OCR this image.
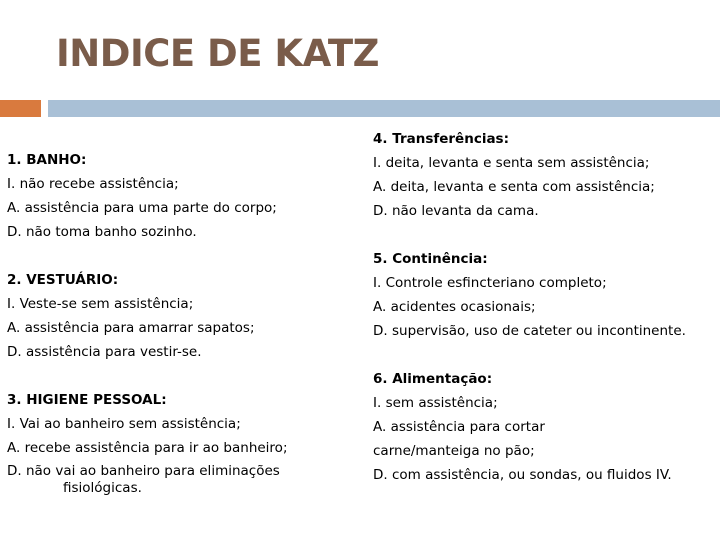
INDICE DE KATZ
1. BANHO:
I. não recebe assistência;
A. assistência para uma parte do corpo;
D. não toma banho sozinho.
2. VESTUÁRIO:
I. Veste-se sem assistência;
A. assistência para amarrar sapatos;
D. assistência para vestir-se.
3. HIGIENE PESSOAL:
I. Vai ao banheiro sem assistência;
A. recebe assistência para ir ao banheiro;
D. não vai ao banheiro para eliminações fisiológicas.
4. Transferências:
I. deita, levanta e senta sem assistência;
A. deita, levanta e senta com assistência;
D. não levanta da cama.
5. Continência:
I. Controle esfincteriano completo;
A. acidentes ocasionais;
D. supervisão, uso de cateter ou incontinente.
6. Alimentação:
I. sem assistência;
A. assistência para cortar
carne/manteiga no pão;
D. com assistência, ou sondas, ou fluidos IV.
